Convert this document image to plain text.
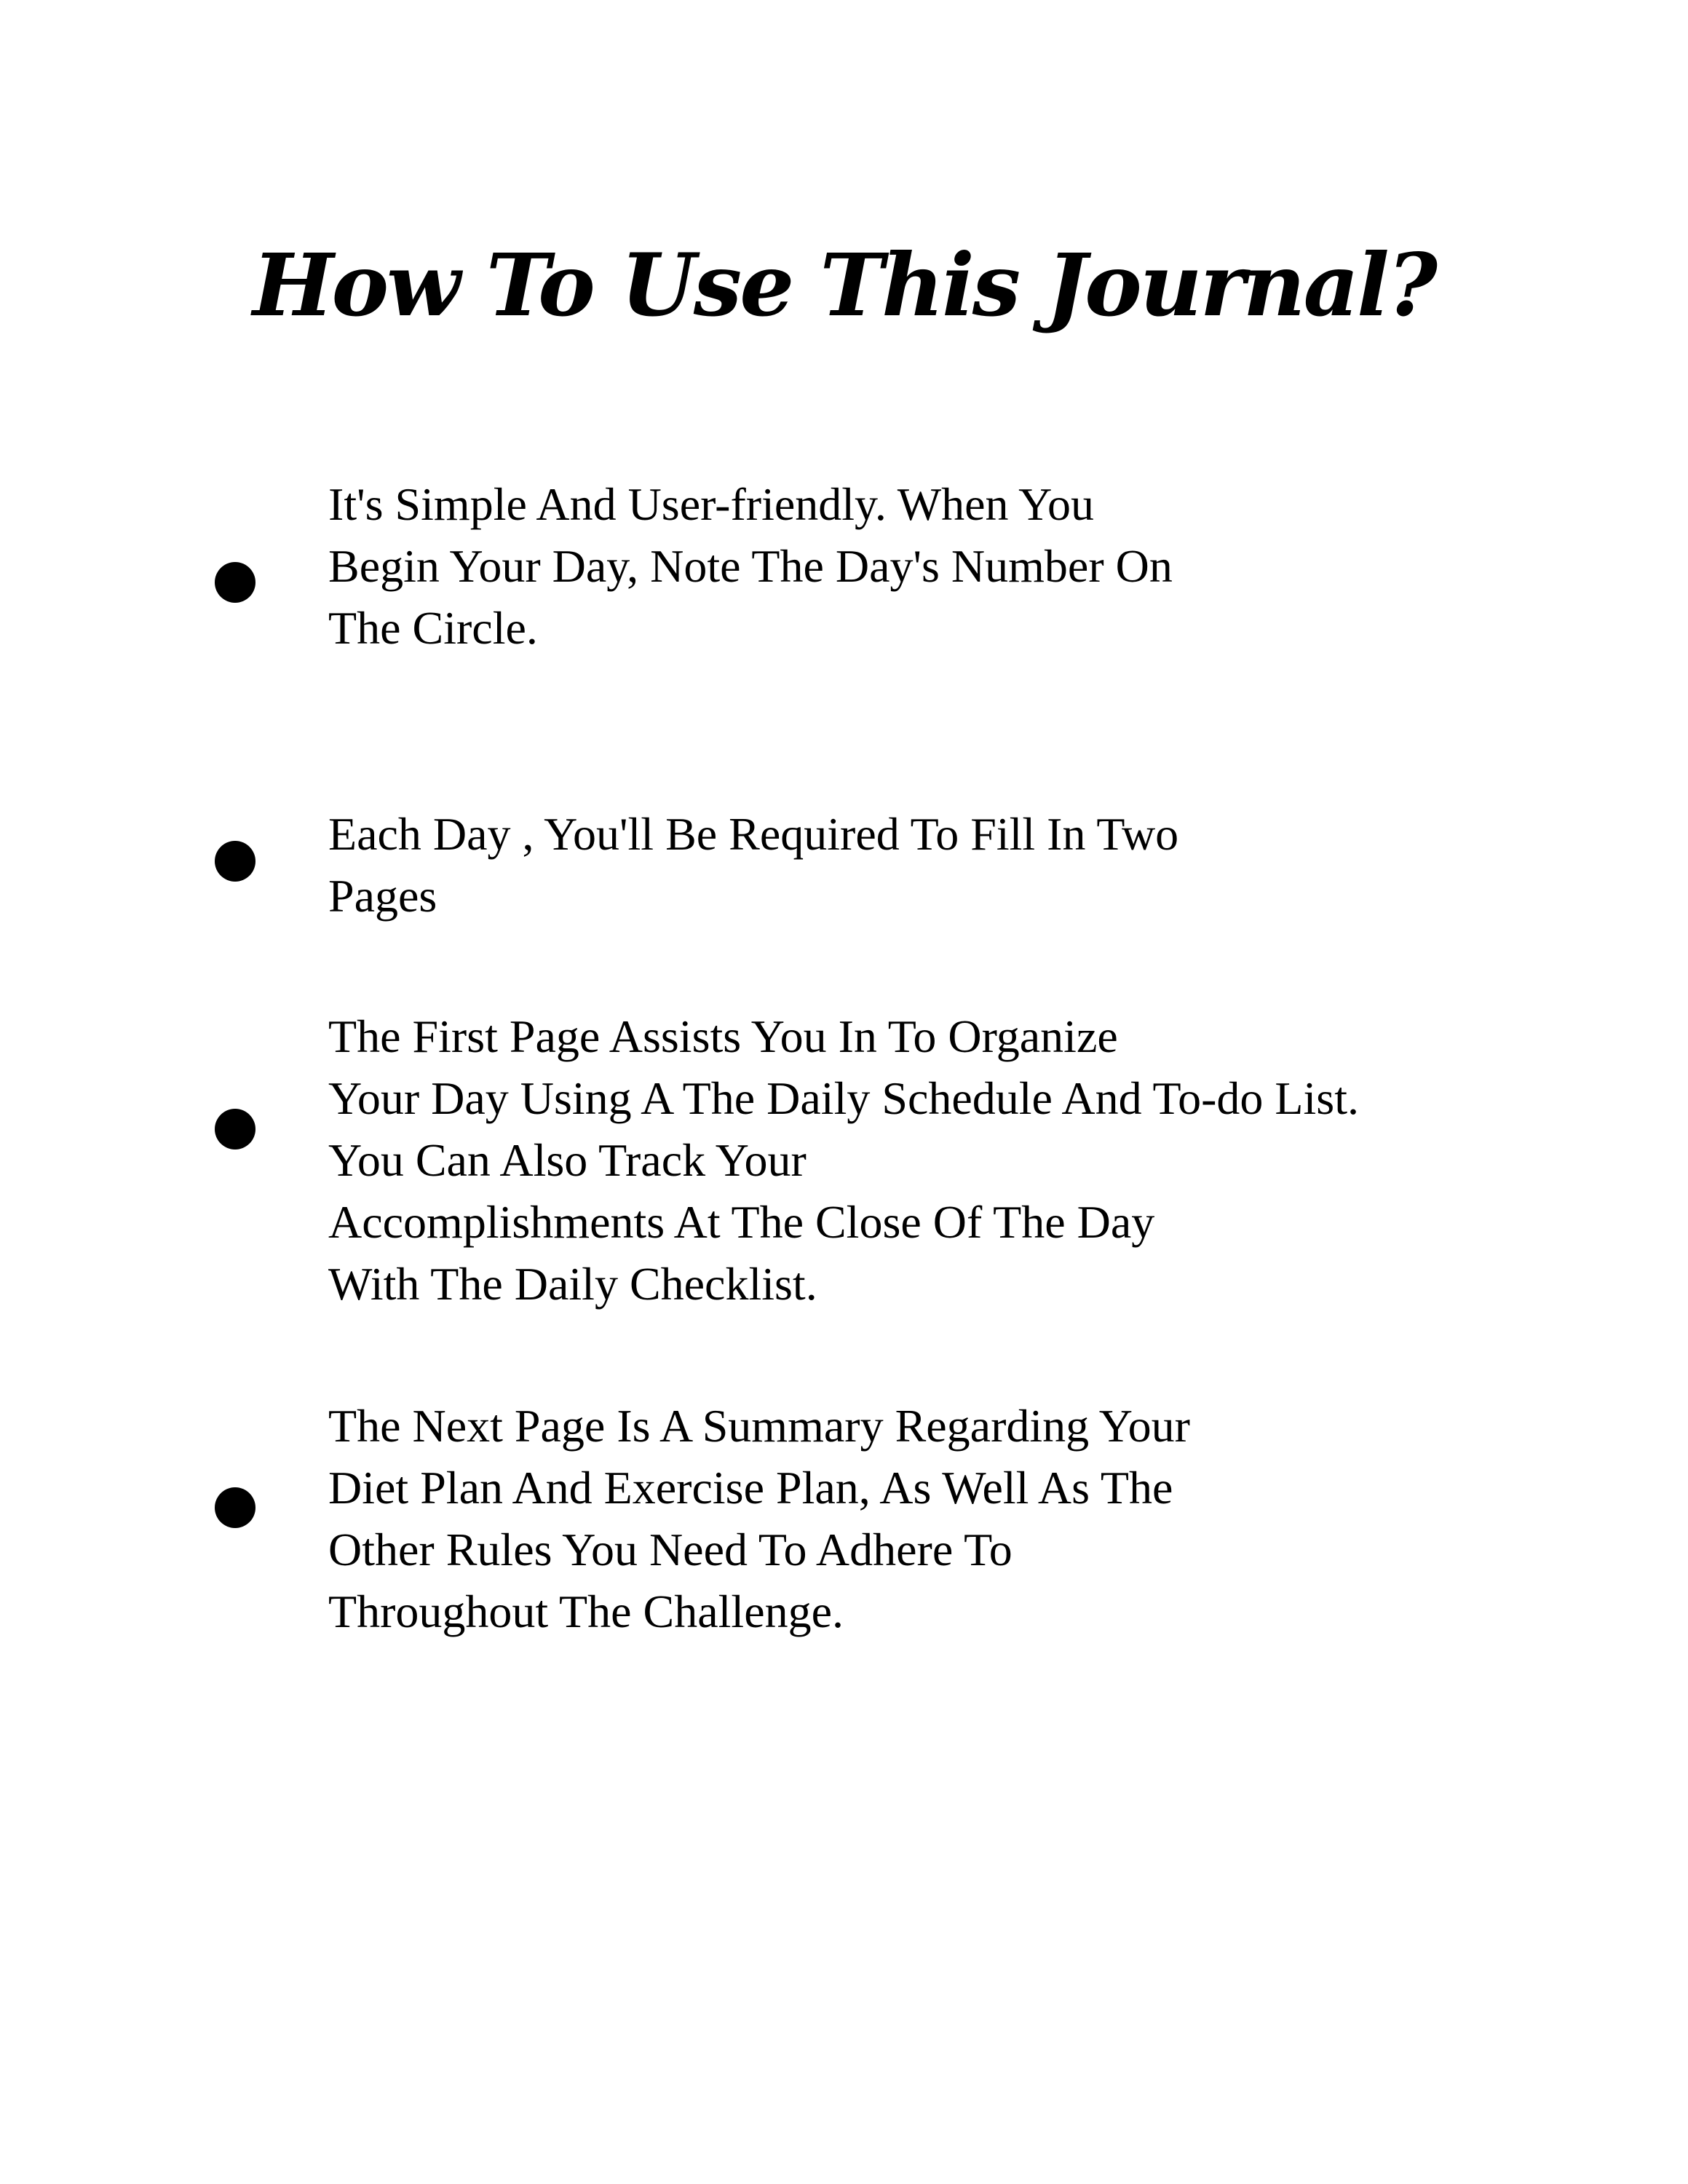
How To Use This Journal?

It's Simple And User-friendly. When You
Begin Your Day, Note The Day's Number On
The Circle.

Each Day , You'll Be Required To Fill In Two
Pages

The First Page Assists You In To Organize
Your Day Using A The Daily Schedule And To-do List.
You Can Also Track Your
Accomplishments At The Close Of The Day
With The Daily Checklist.

The Next Page Is A Summary Regarding Your
Diet Plan And Exercise Plan, As Well As The
Other Rules You Need To Adhere To
Throughout The Challenge.
